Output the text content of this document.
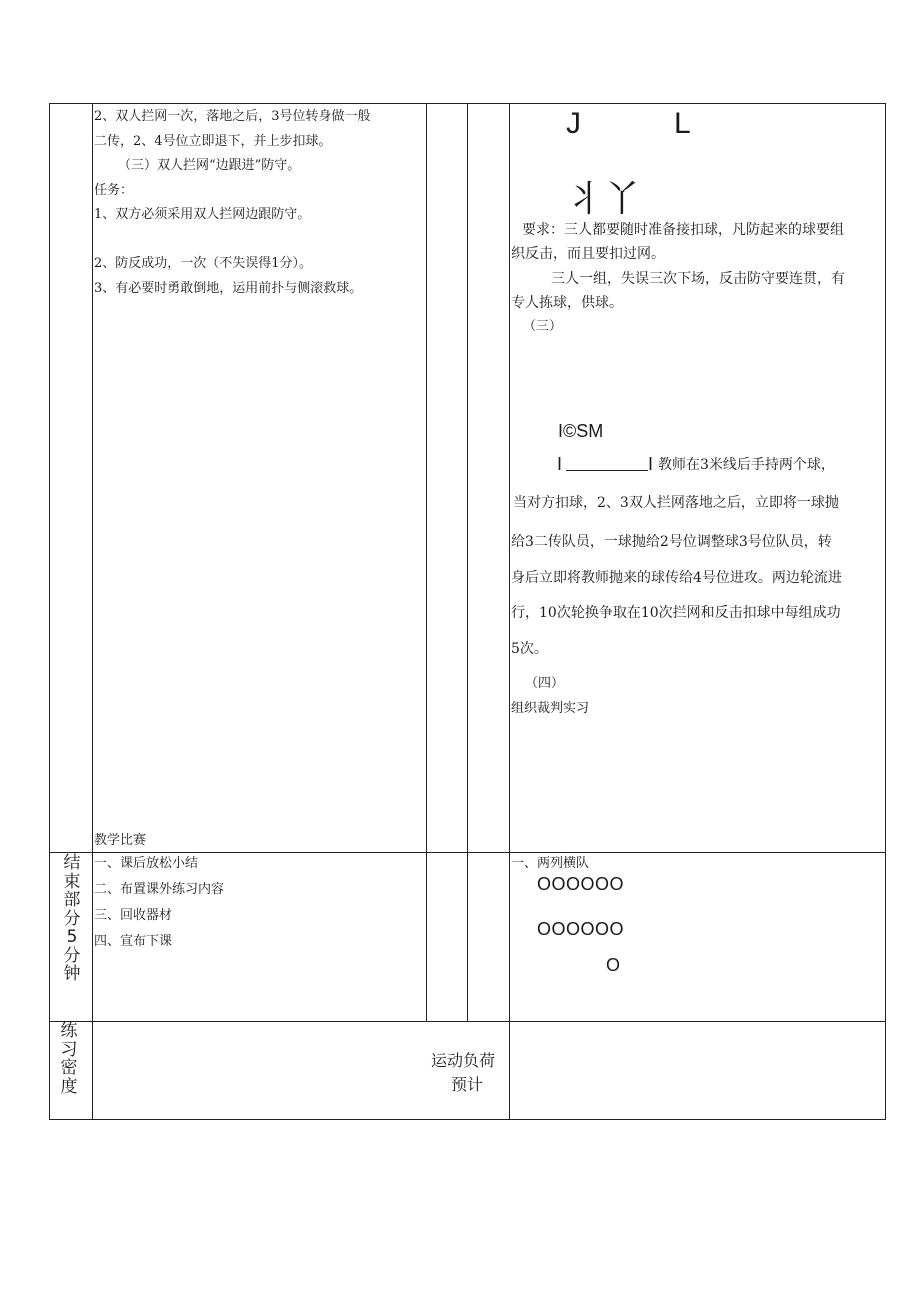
2、双人拦网一次，落地之后，3号位转身做一般
二传，2、4号位立即退下，并上步扣球。
（三）双人拦网“边跟进”防守。
任务：
1、双方必须采用双人拦网边跟防守。
2、防反成功，一次（不失误得1分）。
3、有必要时勇敢倒地，运用前扑与侧滚救球。
教学比赛
J	L
丬丫
要求：三人都要随时准备接扣球，凡防起来的球要组
织反击，而且要扣过网。
三人一组，失误三次下场，反击防守要连贯，有
专人拣球，供球。
（三）
I©SM
I	I 教师在3米线后手持两个球，
当对方扣球，2、3双人拦网落地之后，立即将一球抛
给3二传队员，一球抛给2号位调整球3号位队员，转
身后立即将教师抛来的球传给4号位进攻。两边轮流进
行，10次轮换争取在10次拦网和反击扣球中每组成功
5次。
（四）
组织裁判实习
结束部分5分钟
一、课后放松小结
二、布置课外练习内容
三、回收器材
四、宣布下课
一、两列横队
OOOOOO
OOOOOO
O
练习密度
运动负荷
预计
